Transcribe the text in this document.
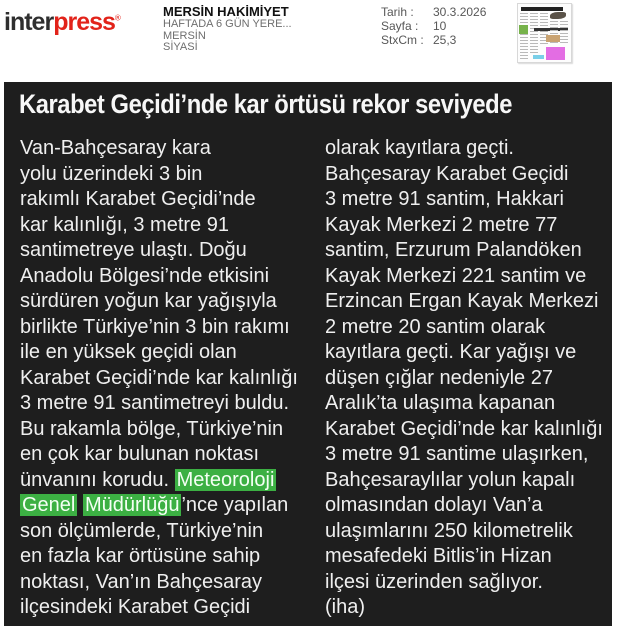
interpress®	MERSİN HAKİMİYET
HAFTADA 6 GÜN YERE...
MERSİN
SİYASİ
Tarih :	30.3.2026
Sayfa :	10
StxCm : 25,3
Karabet Geçidi’nde kar örtüsü rekor seviyede
Van-Bahçesaray kara
yolu üzerindeki 3 bin
rakımlı Karabet Geçidi’nde
kar kalınlığı, 3 metre 91
santimetreye ulaştı. Doğu
Anadolu Bölgesi’nde etkisini
sürdüren yoğun kar yağışıyla
birlikte Türkiye’nin 3 bin rakımı
ile en yüksek geçidi olan
Karabet Geçidi’nde kar kalınlığı
3 metre 91 santimetreyi buldu.
Bu rakamla bölge, Türkiye’nin
en çok kar bulunan noktası
ünvanını korudu. Meteoroloji
Genel Müdürlüğü ’nce yapılan
son ölçümlerde, Türkiye’nin
en fazla kar örtüsüne sahip
noktası, Van’ın Bahçesaray
ilçesindeki Karabet Geçidi
olarak kayıtlara geçti.
Bahçesaray Karabet Geçidi
3 metre 91 santim, Hakkari
Kayak Merkezi 2 metre 77
santim, Erzurum Palandöken
Kayak Merkezi 221 santim ve
Erzincan Ergan Kayak Merkezi
2 metre 20 santim olarak
kayıtlara geçti. Kar yağışı ve
düşen çığlar nedeniyle 27
Aralık’ta ulaşıma kapanan
Karabet Geçidi’nde kar kalınlığı
3 metre 91 santime ulaşırken,
Bahçesaraylılar yolun kapalı
olmasından dolayı Van’a
ulaşımlarını 250 kilometrelik
mesafedeki Bitlis’in Hizan
ilçesi üzerinden sağlıyor.
(iha)
